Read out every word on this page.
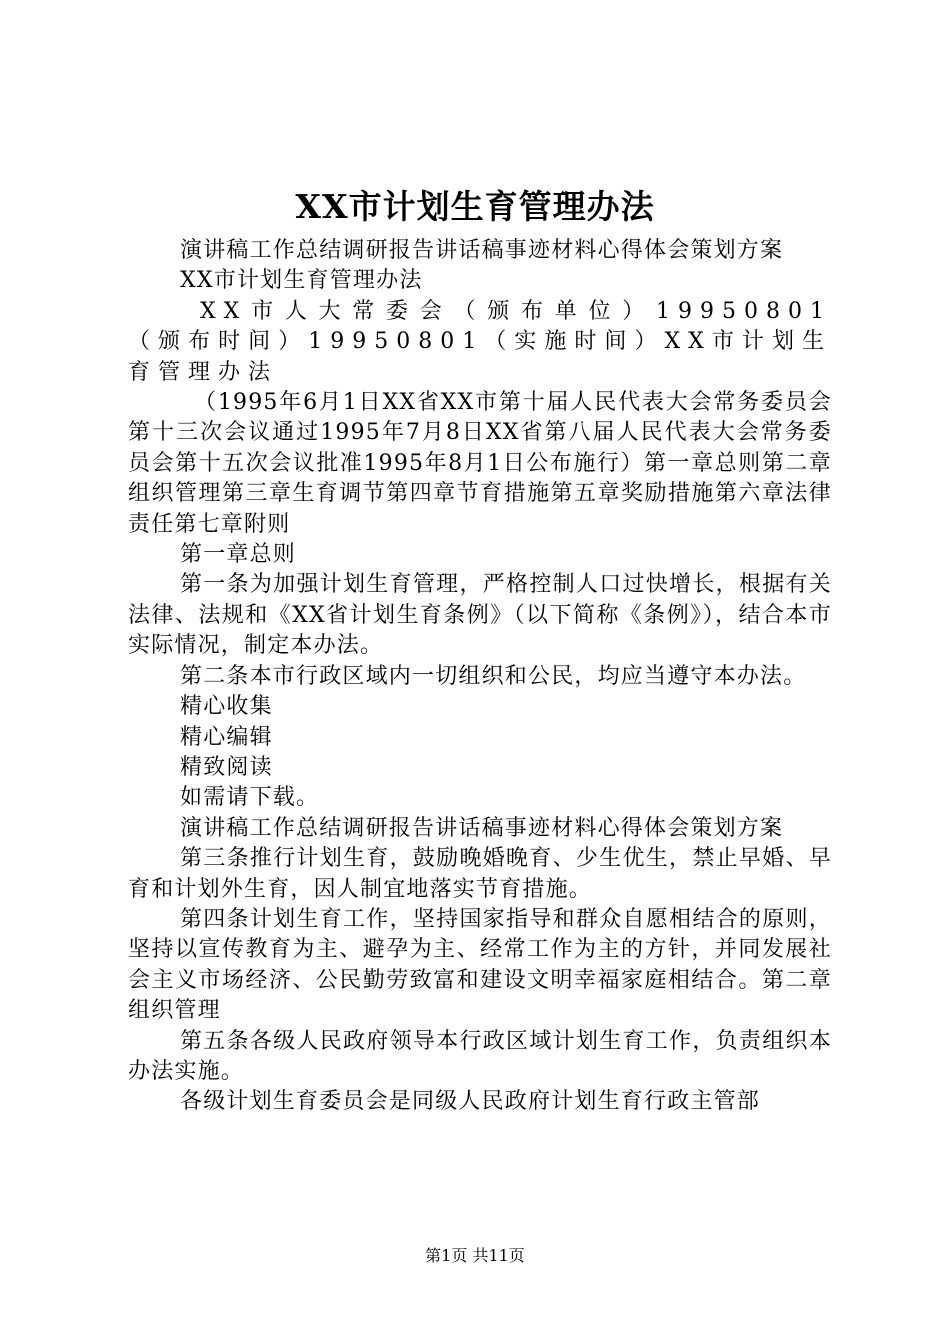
XX市计划生育管理办法

演讲稿工作总结调研报告讲话稿事迹材料心得体会策划方案

XX市计划生育管理办法

XX市人大常委会（颁布单位）19950801（颁布时间）19950801（实施时间）XX市计划生育管理办法

（1995年6月1日XX省XX市第十届人民代表大会常务委员会第十三次会议通过1995年7月8日XX省第八届人民代表大会常务委员会第十五次会议批准1995年8月1日公布施行）第一章总则第二章组织管理第三章生育调节第四章节育措施第五章奖励措施第六章法律责任第七章附则

第一章总则

第一条为加强计划生育管理，严格控制人口过快增长，根据有关法律、法规和《XX省计划生育条例》（以下简称《条例》），结合本市实际情况，制定本办法。

第二条本市行政区域内一切组织和公民，均应当遵守本办法。

精心收集

精心编辑

精致阅读

如需请下载。

演讲稿工作总结调研报告讲话稿事迹材料心得体会策划方案

第三条推行计划生育，鼓励晚婚晚育、少生优生，禁止早婚、早育和计划外生育，因人制宜地落实节育措施。

第四条计划生育工作，坚持国家指导和群众自愿相结合的原则，坚持以宣传教育为主、避孕为主、经常工作为主的方针，并同发展社会主义市场经济、公民勤劳致富和建设文明幸福家庭相结合。第二章组织管理

第五条各级人民政府领导本行政区域计划生育工作，负责组织本办法实施。

各级计划生育委员会是同级人民政府计划生育行政主管部

第1页 共11页
